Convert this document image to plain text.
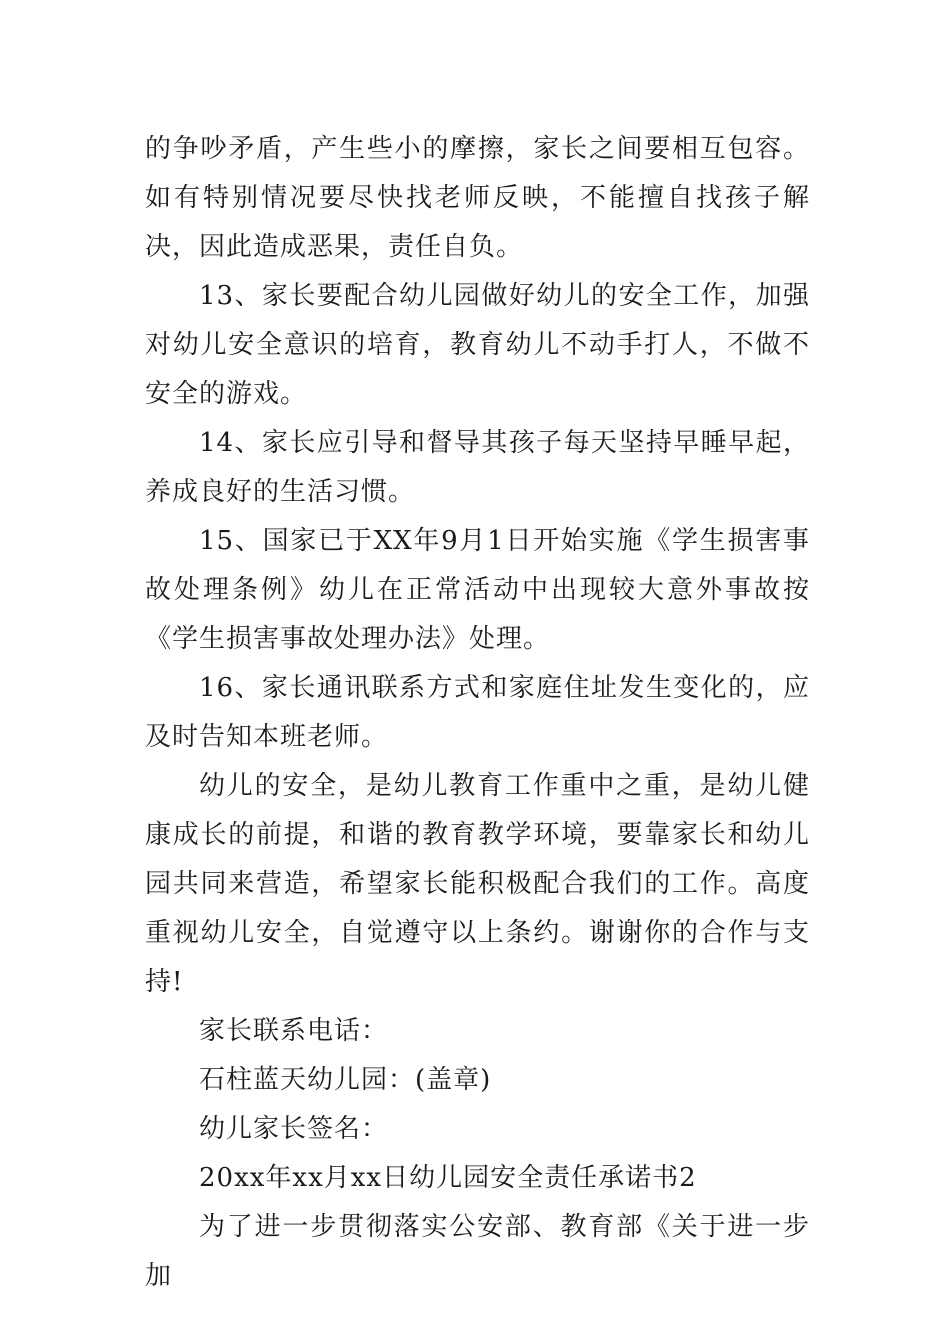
的争吵矛盾，产生些小的摩擦，家长之间要相互包容。如有特别情况要尽快找老师反映，不能擅自找孩子解决，因此造成恶果，责任自负。

13、家长要配合幼儿园做好幼儿的安全工作，加强对幼儿安全意识的培育，教育幼儿不动手打人，不做不安全的游戏。

14、家长应引导和督导其孩子每天坚持早睡早起，养成良好的生活习惯。

15、国家已于XX年9月1日开始实施《学生损害事故处理条例》幼儿在正常活动中出现较大意外事故按《学生损害事故处理办法》处理。

16、家长通讯联系方式和家庭住址发生变化的，应及时告知本班老师。

幼儿的安全，是幼儿教育工作重中之重，是幼儿健康成长的前提，和谐的教育教学环境，要靠家长和幼儿园共同来营造，希望家长能积极配合我们的工作。高度重视幼儿安全，自觉遵守以上条约。谢谢你的合作与支持!

家长联系电话：

石柱蓝天幼儿园：(盖章)

幼儿家长签名：

20xx年xx月xx日幼儿园安全责任承诺书2

为了进一步贯彻落实公安部、教育部《关于进一步加
